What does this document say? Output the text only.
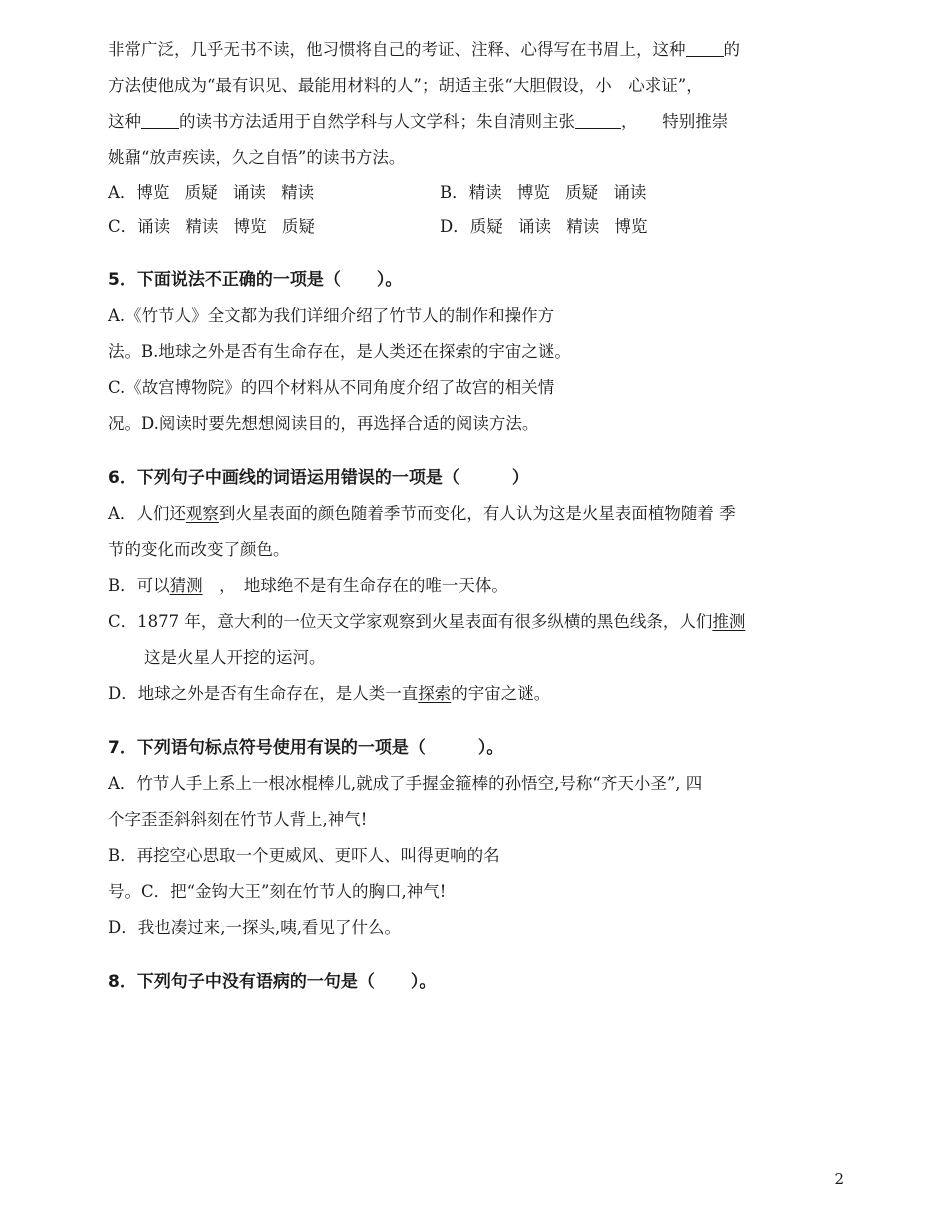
非常广泛，几乎无书不读，他习惯将自己的考证、注释、心得写在书眉上，这种 的
方法使他成为“最有识见、最能用材料的人”；胡适主张“大胆假设，小　心求证”，
这种 的读书方法适用于自然学科与人文学科；朱自清则主张	，　　特别推崇
姚鼐“放声疾读，久之自悟”的读书方法。
A．博览 质疑 诵读 精读	B．精读 博览 质疑 诵读
C．诵读 精读 博览 质疑	D．质疑 诵读 精读 博览
5．下面说法不正确的一项是（ ）。
A.《竹节人》全文都为我们详细介绍了竹节人的制作和操作方
法。B.地球之外是否有生命存在，是人类还在探索的宇宙之谜。
C.《故宫博物院》的四个材料从不同角度介绍了故宫的相关情
况。D.阅读时要先想想阅读目的，再选择合适的阅读方法。
6．下列句子中画线的词语运用错误的一项是（	）
A．人们还观察到火星表面的颜色随着季节而变化，有人认为这是火星表面植物随着 季
节的变化而改变了颜色。
B．可以猜测　，　地球绝不是有生命存在的唯一天体。
C．1877 年，意大利的一位天文学家观察到火星表面有很多纵横的黑色线条，人们推测
这是火星人开挖的运河。
D．地球之外是否有生命存在，是人类一直探索的宇宙之谜。
7．下列语句标点符号使用有误的一项是（	）。
A．竹节人手上系上一根冰棍棒儿,就成了手握金箍棒的孙悟空,号称“齐天小圣”, 四
个字歪歪斜斜刻在竹节人背上,神气!
B．再挖空心思取一个更威风、更吓人、叫得更响的名
号。C．把“金钩大王”刻在竹节人的胸口,神气!
D．我也凑过来,一探头,咦,看见了什么。
8．下列句子中没有语病的一句是（ ）。
2
